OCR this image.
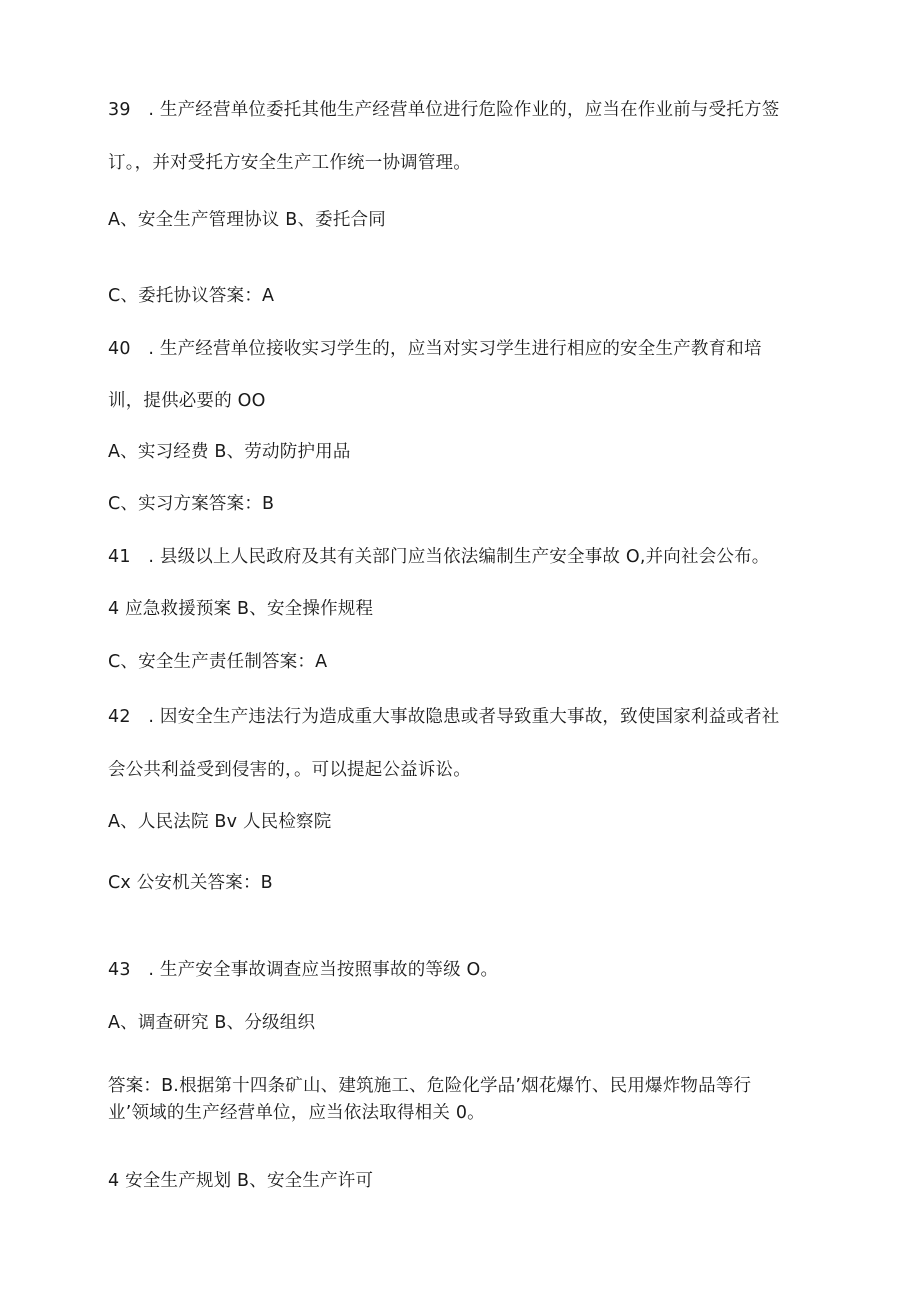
39　. 生产经营单位委托其他生产经营单位进行危险作业的，应当在作业前与受托方签
订。，并对受托方安全生产工作统一协调管理。
A、安全生产管理协议 B、委托合同
C、委托协议答案：A
40　. 生产经营单位接收实习学生的，应当对实习学生进行相应的安全生产教育和培
训，提供必要的 OO
A、实习经费 B、劳动防护用品
C、实习方案答案：B
41　. 县级以上人民政府及其有关部门应当依法编制生产安全事故 O,并向社会公布。
4 应急救援预案 B、安全操作规程
C、安全生产责任制答案：A
42　. 因安全生产违法行为造成重大事故隐患或者导致重大事故，致使国家利益或者社
会公共利益受到侵害的，。可以提起公益诉讼。
A、人民法院 Bv 人民检察院
Cx 公安机关答案：B
43　. 生产安全事故调查应当按照事故的等级 O。
A、调查研究 B、分级组织
答案：B.根据第十四条矿山、建筑施工、危险化学品’烟花爆竹、民用爆炸物品等行
业’领域的生产经营单位，应当依法取得相关 0。
4 安全生产规划 B、安全生产许可
